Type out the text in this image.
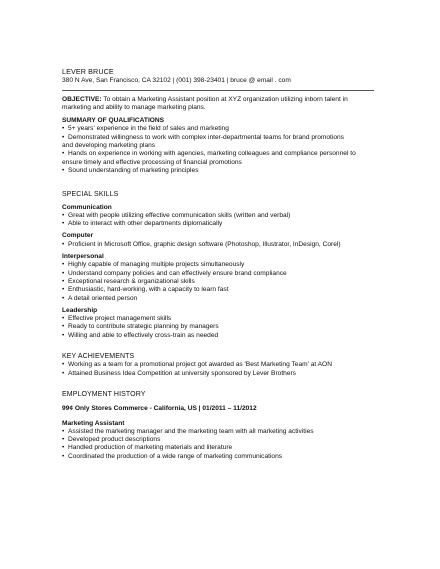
LEVER BRUCE
380 N Ave, San Francisco, CA 32102 | (001) 398-23401 | bruce @ email . com
OBJECTIVE: To obtain a Marketing Assistant position at XYZ organization utilizing inborn talent in
marketing and ability to manage marketing plans.
SUMMARY OF QUALIFICATIONS
• 5+ years' experience in the field of sales and marketing
• Demonstrated willingness to work with complex inter-departmental teams for brand promotions
and developing marketing plans
• Hands on experience in working with agencies, marketing colleagues and compliance personnel to
ensure timely and effective processing of financial promotions
• Sound understanding of marketing principles
SPECIAL SKILLS
Communication
• Great with people utilizing effective communication skills (written and verbal)
• Able to interact with other departments diplomatically
Computer
• Proficient in Microsoft Office, graphic design software (Photoshop, Illustrator, InDesign, Corel)
Interpersonal
• Highly capable of managing multiple projects simultaneously
• Understand company policies and can effectively ensure brand compliance
• Exceptional research & organizational skills
• Enthusiastic, hard-working, with a capacity to learn fast
• A detail oriented person
Leadership
• Effective project management skills
• Ready to contribute strategic planning by managers
• Willing and able to effectively cross-train as needed
KEY ACHIEVEMENTS
• Working as a team for a promotional project got awarded as 'Best Marketing Team' at AON
• Attained Business Idea Competition at university sponsored by Lever Brothers
EMPLOYMENT HISTORY
99¢ Only Stores Commerce - California, US | 01/2011 – 11/2012
Marketing Assistant
• Assisted the marketing manager and the marketing team with all marketing activities
• Developed product descriptions
• Handled production of marketing materials and literature
• Coordinated the production of a wide range of marketing communications
